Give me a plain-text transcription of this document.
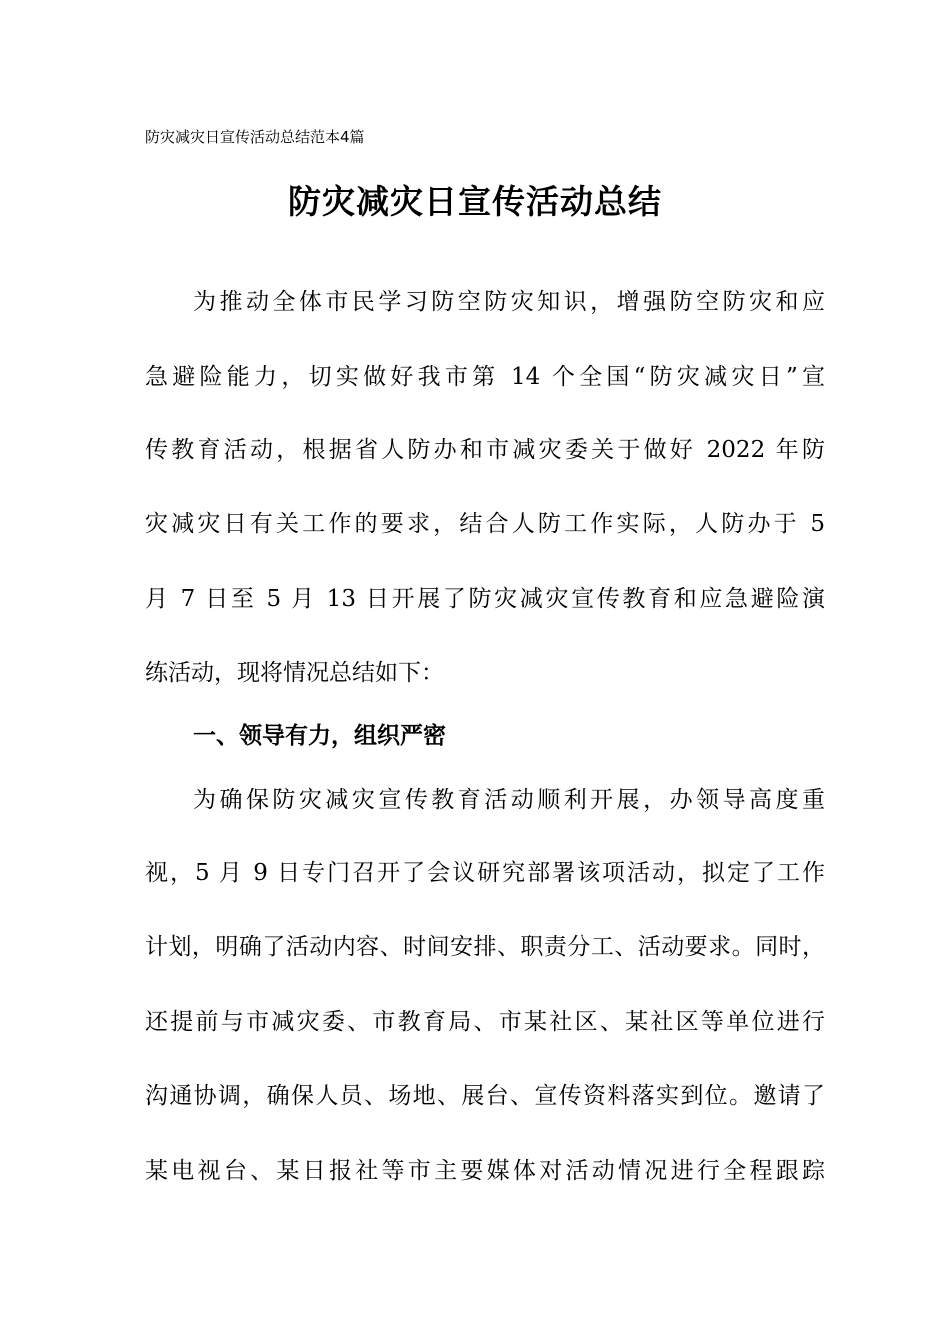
防灾减灾日宣传活动总结范本4篇
防灾减灾日宣传活动总结
为推动全体市民学习防空防灾知识，增强防空防灾和应
急避险能力，切实做好我市第 14 个全国“防灾减灾日”宣
传教育活动，根据省人防办和市减灾委关于做好 2022 年防
灾减灾日有关工作的要求，结合人防工作实际，人防办于 5
月 7 日至 5 月 13 日开展了防灾减灾宣传教育和应急避险演
练活动，现将情况总结如下：
一、领导有力，组织严密
为确保防灾减灾宣传教育活动顺利开展，办领导高度重
视，5 月 9 日专门召开了会议研究部署该项活动，拟定了工作
计划，明确了活动内容、时间安排、职责分工、活动要求。同时，
还提前与市减灾委、市教育局、市某社区、某社区等单位进行
沟通协调，确保人员、场地、展台、宣传资料落实到位。邀请了
某电视台、某日报社等市主要媒体对活动情况进行全程跟踪
